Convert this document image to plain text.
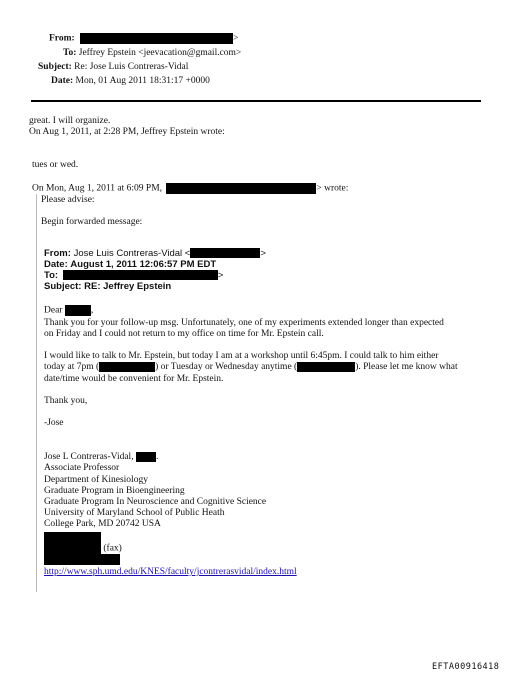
From:	>
To: Jeffrey Epstein <jeevacation@gmail.com>
Subject: Re: Jose Luis Contreras-Vidal
Date: Mon, 01 Aug 2011 18:31:17 +0000
great. I will organize.
On Aug 1, 2011, at 2:28 PM, Jeffrey Epstein wrote:
tues or wed.
On Mon, Aug 1, 2011 at 6:09 PM,	> wrote:
Please advise:
Begin forwarded message:
From: Jose Luis Contreras-Vidal <	>
Date: August 1, 2011 12:06:57 PM EDT
To:	>
Subject: RE: Jeffrey Epstein
Dear	,
Thank you for your follow-up msg. Unfortunately, one of my experiments extended longer than expected
on Friday and I could not return to my office on time for Mr. Epstein call.
I would like to talk to Mr. Epstein, but today I am at a workshop until 6:45pm. I could talk to him either
today at 7pm (	) or Tuesday or Wednesday anytime (	). Please let me know what
date/time would be convenient for Mr. Epstein.
Thank you,
-Jose
Jose L Contreras-Vidal, .
Associate Professor
Department of Kinesiology
Graduate Program in Bioengineering
Graduate Program In Neuroscience and Cognitive Science
University of Maryland School of Public Heath
College Park, MD 20742 USA
(fax)
http://www.sph.umd.edu/KNES/faculty/jcontrerasvidal/index.html
EFTA00916418
